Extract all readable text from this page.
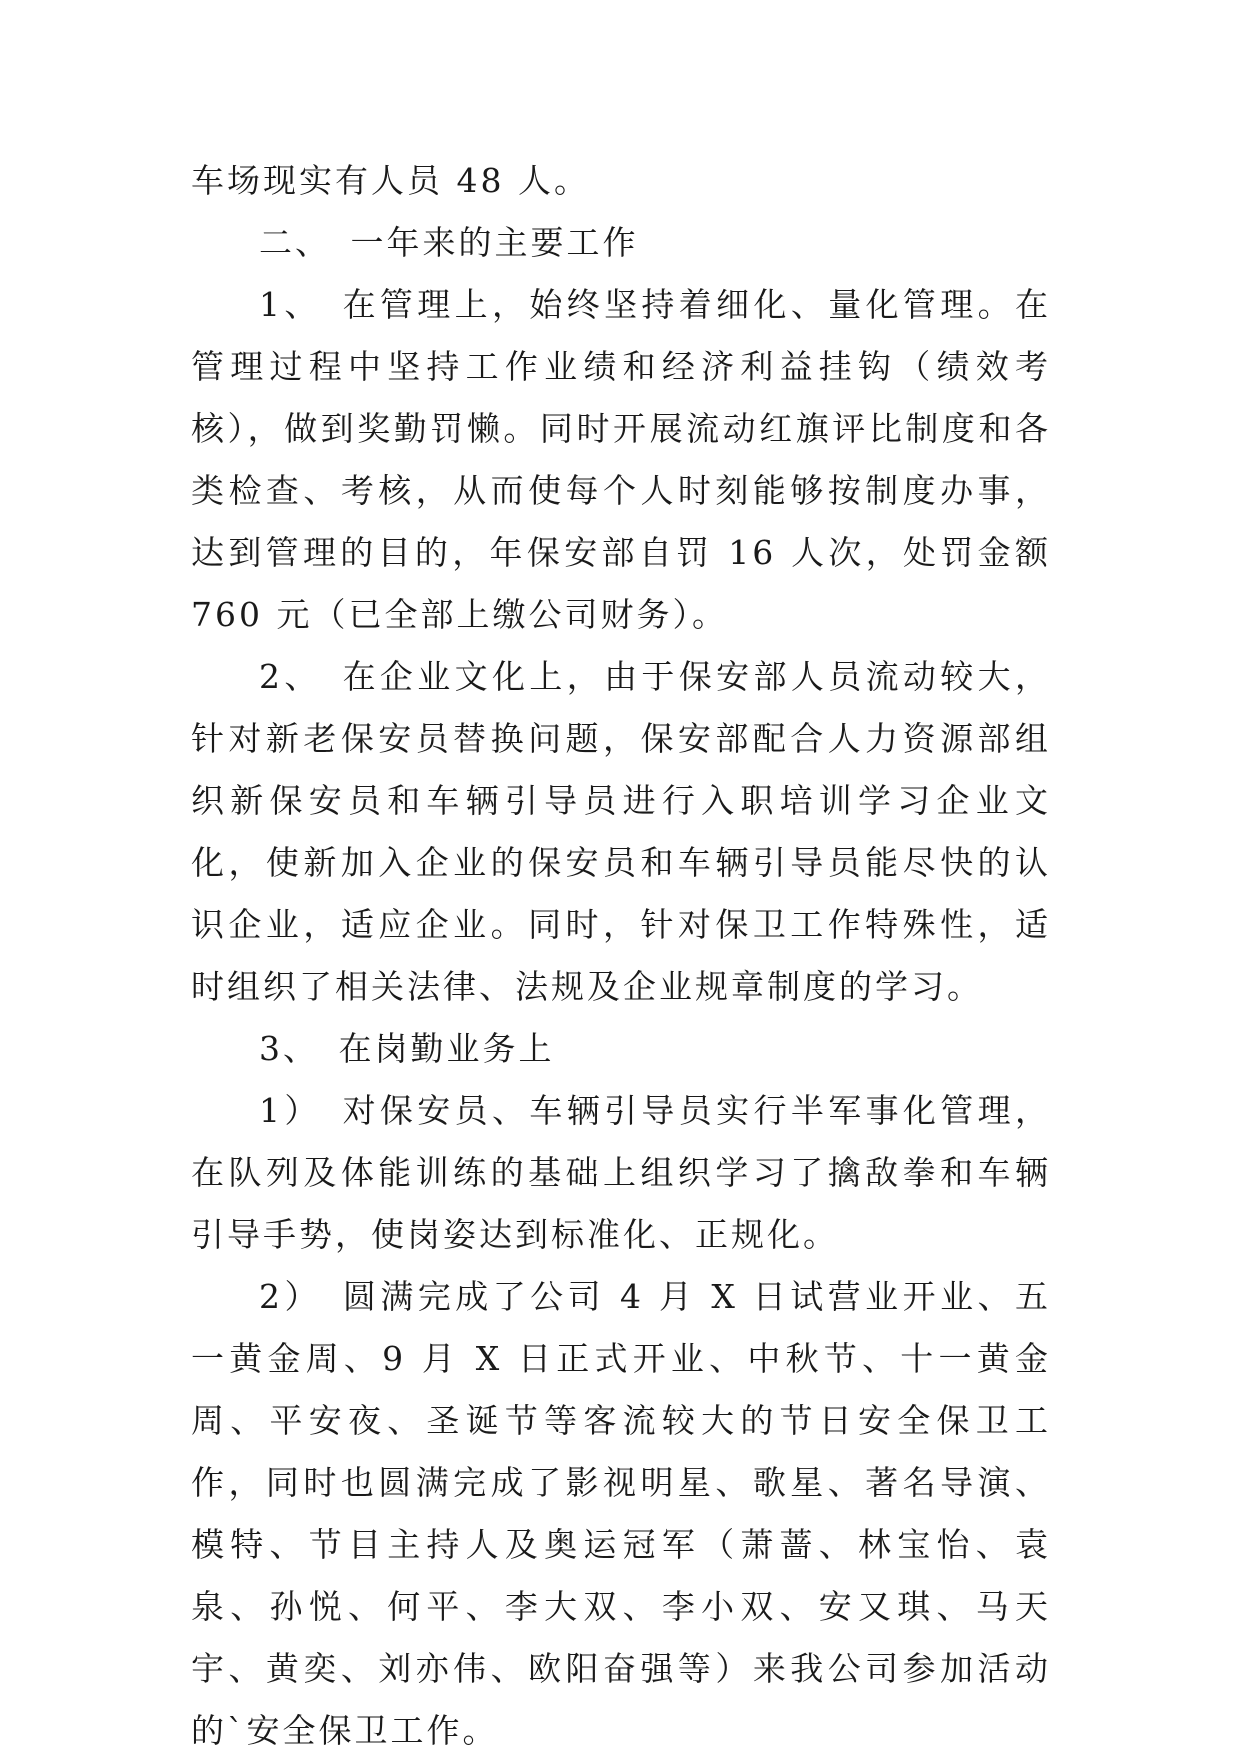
车场现实有人员 48 人。

二、　一年来的主要工作

1、　在管理上，始终坚持着细化、量化管理。在管理过程中坚持工作业绩和经济利益挂钩（绩效考核），做到奖勤罚懒。同时开展流动红旗评比制度和各类检查、考核，从而使每个人时刻能够按制度办事，达到管理的目的，年保安部自罚 16 人次，处罚金额 760 元（已全部上缴公司财务）。

2、　在企业文化上，由于保安部人员流动较大，针对新老保安员替换问题，保安部配合人力资源部组织新保安员和车辆引导员进行入职培训学习企业文化，使新加入企业的保安员和车辆引导员能尽快的认识企业，适应企业。同时，针对保卫工作特殊性，适时组织了相关法律、法规及企业规章制度的学习。

3、　在岗勤业务上

1）　对保安员、车辆引导员实行半军事化管理，在队列及体能训练的基础上组织学习了擒敌拳和车辆引导手势，使岗姿达到标准化、正规化。

2）　圆满完成了公司 4 月 X 日试营业开业、五一黄金周、9 月 X 日正式开业、中秋节、十一黄金周、平安夜、圣诞节等客流较大的节日安全保卫工作，同时也圆满完成了影视明星、歌星、著名导演、模特、节目主持人及奥运冠军（萧蔷、林宝怡、袁泉、孙悦、何平、李大双、李小双、安又琪、马天宇、黄奕、刘亦伟、欧阳奋强等）来我公司参加活动的`安全保卫工作。
